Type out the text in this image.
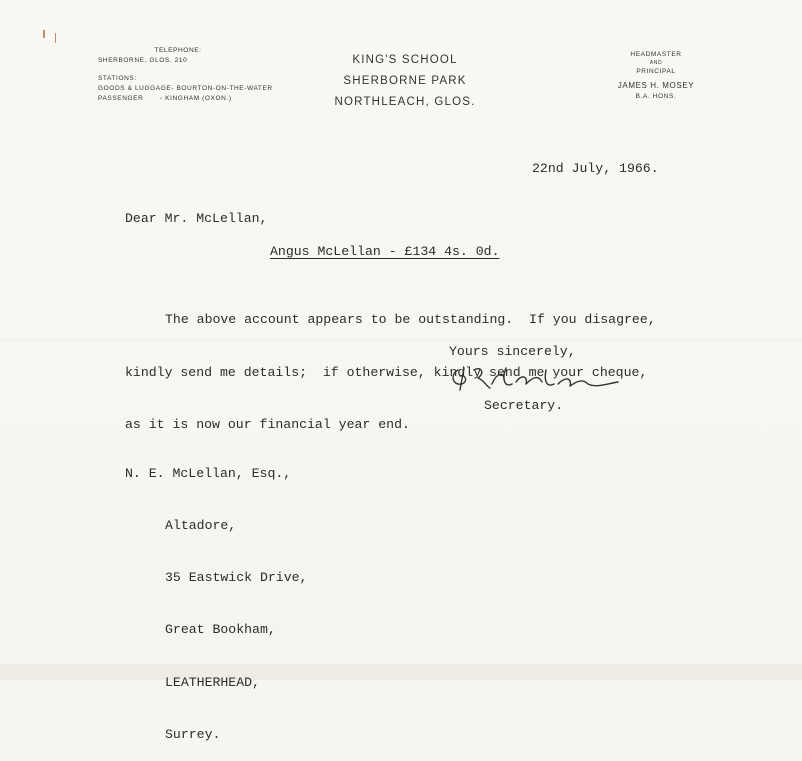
TELEPHONE:
SHERBORNE, GLOS. 210
STATIONS:
GOODS & LUGGAGE - BOURTON-ON-THE-WATER
PASSENGER	- KINGHAM (OXON.)
KING'S SCHOOL
SHERBORNE PARK
NORTHLEACH, GLOS.
HEADMASTER
AND
PRINCIPAL
JAMES H. MOSEY
B.A. HONS.
22nd July, 1966.
Dear Mr. McLellan,
Angus McLellan - £134 4s. 0d.

The above account appears to be outstanding.  If you disagree,

kindly send me details;  if otherwise, kindly send me your cheque,

as it is now our financial year end.

Yours sincerely,
Secretary.

N. E. McLellan, Esq.,

Altadore,

35 Eastwick Drive,

Great Bookham,

LEATHERHEAD,

Surrey.
